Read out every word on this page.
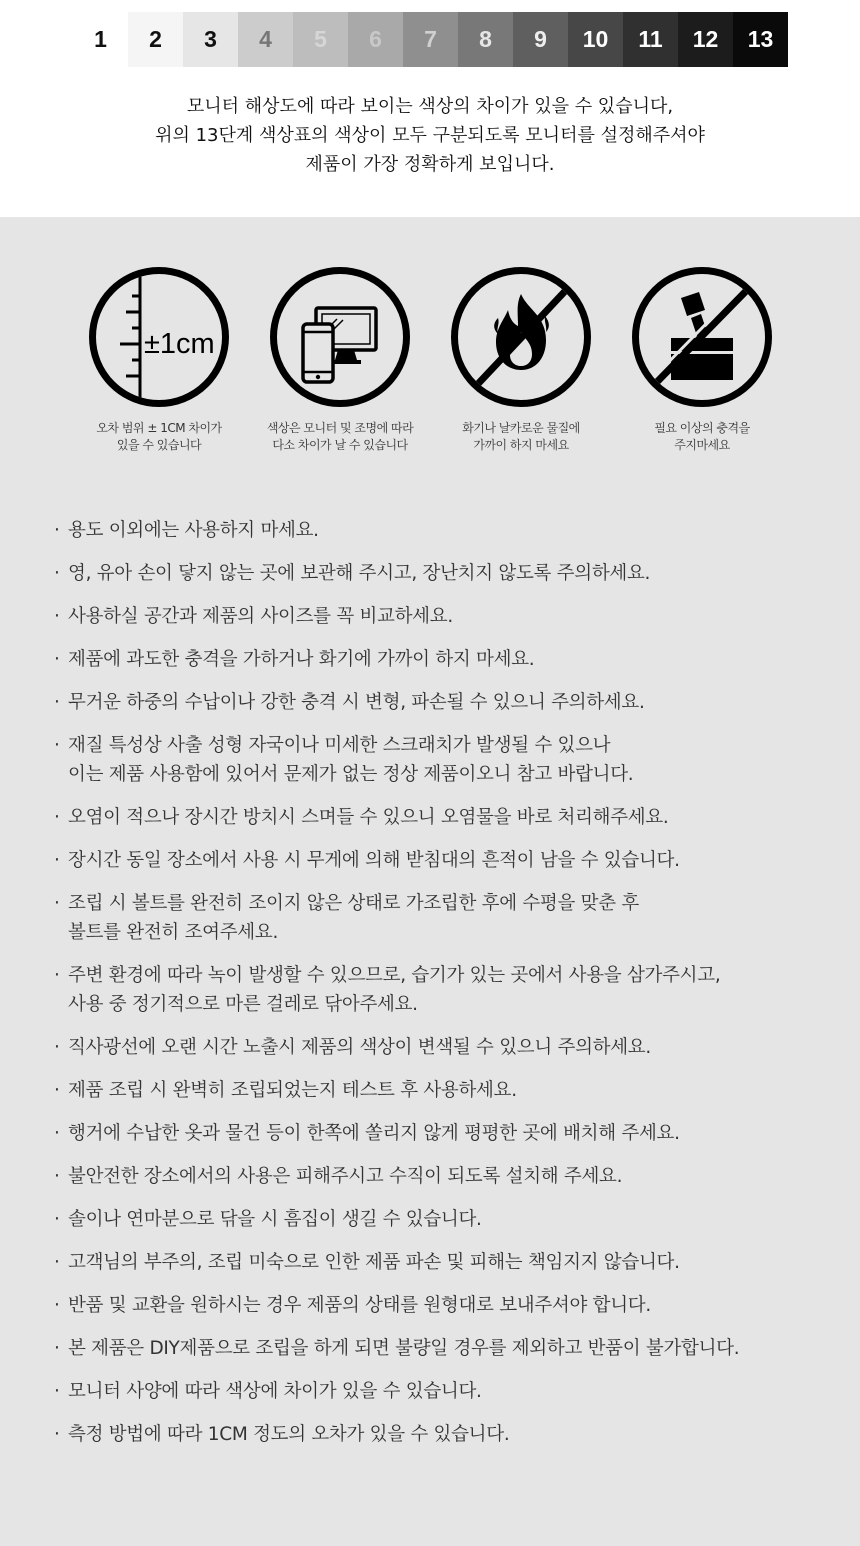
1	2	3	4	5	6	7	8	9	10	11	12	13
모니터 해상도에 따라 보이는 색상의 차이가 있을 수 있습니다,
위의 13단계 색상표의 색상이 모두 구분되도록 모니터를 설정해주셔야
제품이 가장 정확하게 보입니다.
±1cm
오차 범위 ± 1CM 차이가
있을 수 있습니다
색상은 모니터 및 조명에 따라
다소 차이가 날 수 있습니다
화기나 날카로운 물질에
가까이 하지 마세요
필요 이상의 충격을
주지마세요
· 용도 이외에는 사용하지 마세요.
· 영, 유아 손이 닿지 않는 곳에 보관해 주시고, 장난치지 않도록 주의하세요.
· 사용하실 공간과 제품의 사이즈를 꼭 비교하세요.
· 제품에 과도한 충격을 가하거나 화기에 가까이 하지 마세요.
· 무거운 하중의 수납이나 강한 충격 시 변형, 파손될 수 있으니 주의하세요.
· 재질 특성상 사출 성형 자국이나 미세한 스크래치가 발생될 수 있으나
이는 제품 사용함에 있어서 문제가 없는 정상 제품이오니 참고 바랍니다.
· 오염이 적으나 장시간 방치시 스며들 수 있으니 오염물을 바로 처리해주세요.
· 장시간 동일 장소에서 사용 시 무게에 의해 받침대의 흔적이 남을 수 있습니다.
· 조립 시 볼트를 완전히 조이지 않은 상태로 가조립한 후에 수평을 맞춘 후
볼트를 완전히 조여주세요.
· 주변 환경에 따라 녹이 발생할 수 있으므로, 습기가 있는 곳에서 사용을 삼가주시고,
사용 중 정기적으로 마른 걸레로 닦아주세요.
· 직사광선에 오랜 시간 노출시 제품의 색상이 변색될 수 있으니 주의하세요.
· 제품 조립 시 완벽히 조립되었는지 테스트 후 사용하세요.
· 행거에 수납한 옷과 물건 등이 한쪽에 쏠리지 않게 평평한 곳에 배치해 주세요.
· 불안전한 장소에서의 사용은 피해주시고 수직이 되도록 설치해 주세요.
· 솔이나 연마분으로 닦을 시 흠집이 생길 수 있습니다.
· 고객님의 부주의, 조립 미숙으로 인한 제품 파손 및 피해는 책임지지 않습니다.
· 반품 및 교환을 원하시는 경우 제품의 상태를 원형대로 보내주셔야 합니다.
· 본 제품은 DIY제품으로 조립을 하게 되면 불량일 경우를 제외하고 반품이 불가합니다.
· 모니터 사양에 따라 색상에 차이가 있을 수 있습니다.
· 측정 방법에 따라 1CM 정도의 오차가 있을 수 있습니다.
